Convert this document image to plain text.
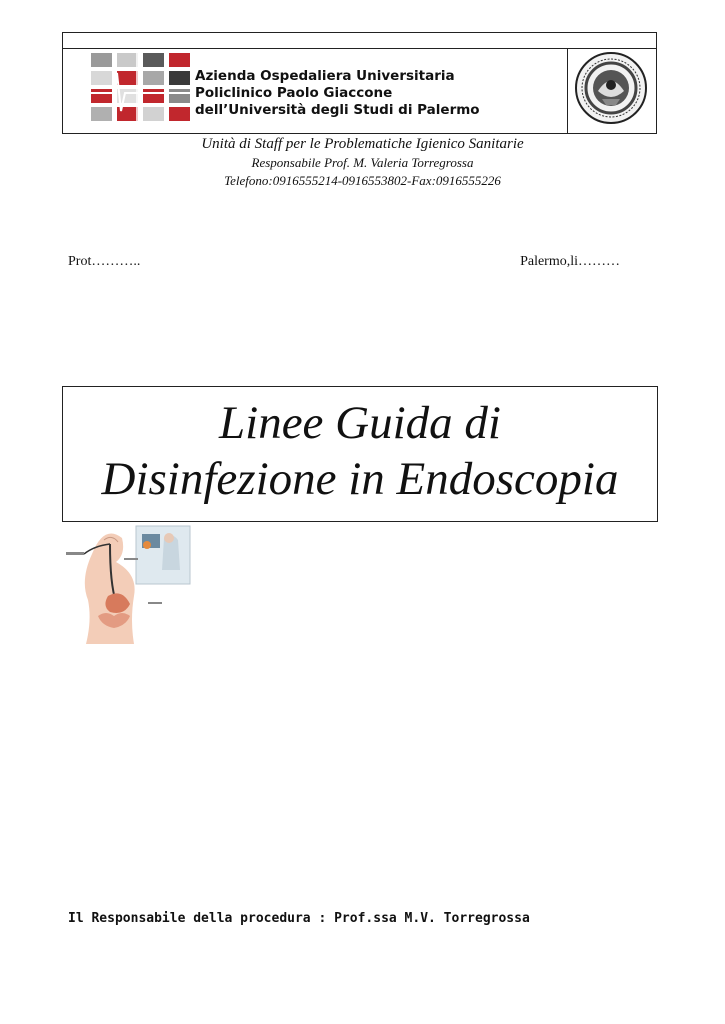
Azienda Ospedaliera Universitaria
Policlinico Paolo Giaccone
dell’Università degli Studi di Palermo
Unità di Staff per le Problematiche Igienico Sanitarie
Responsabile Prof. M. Valeria Torregrossa
Telefono:0916555214-0916553802-Fax:0916555226
Prot………..	Palermo,li………
Linee Guida di
Disinfezione in Endoscopia
Il Responsabile della procedura : Prof.ssa M.V. Torregrossa
